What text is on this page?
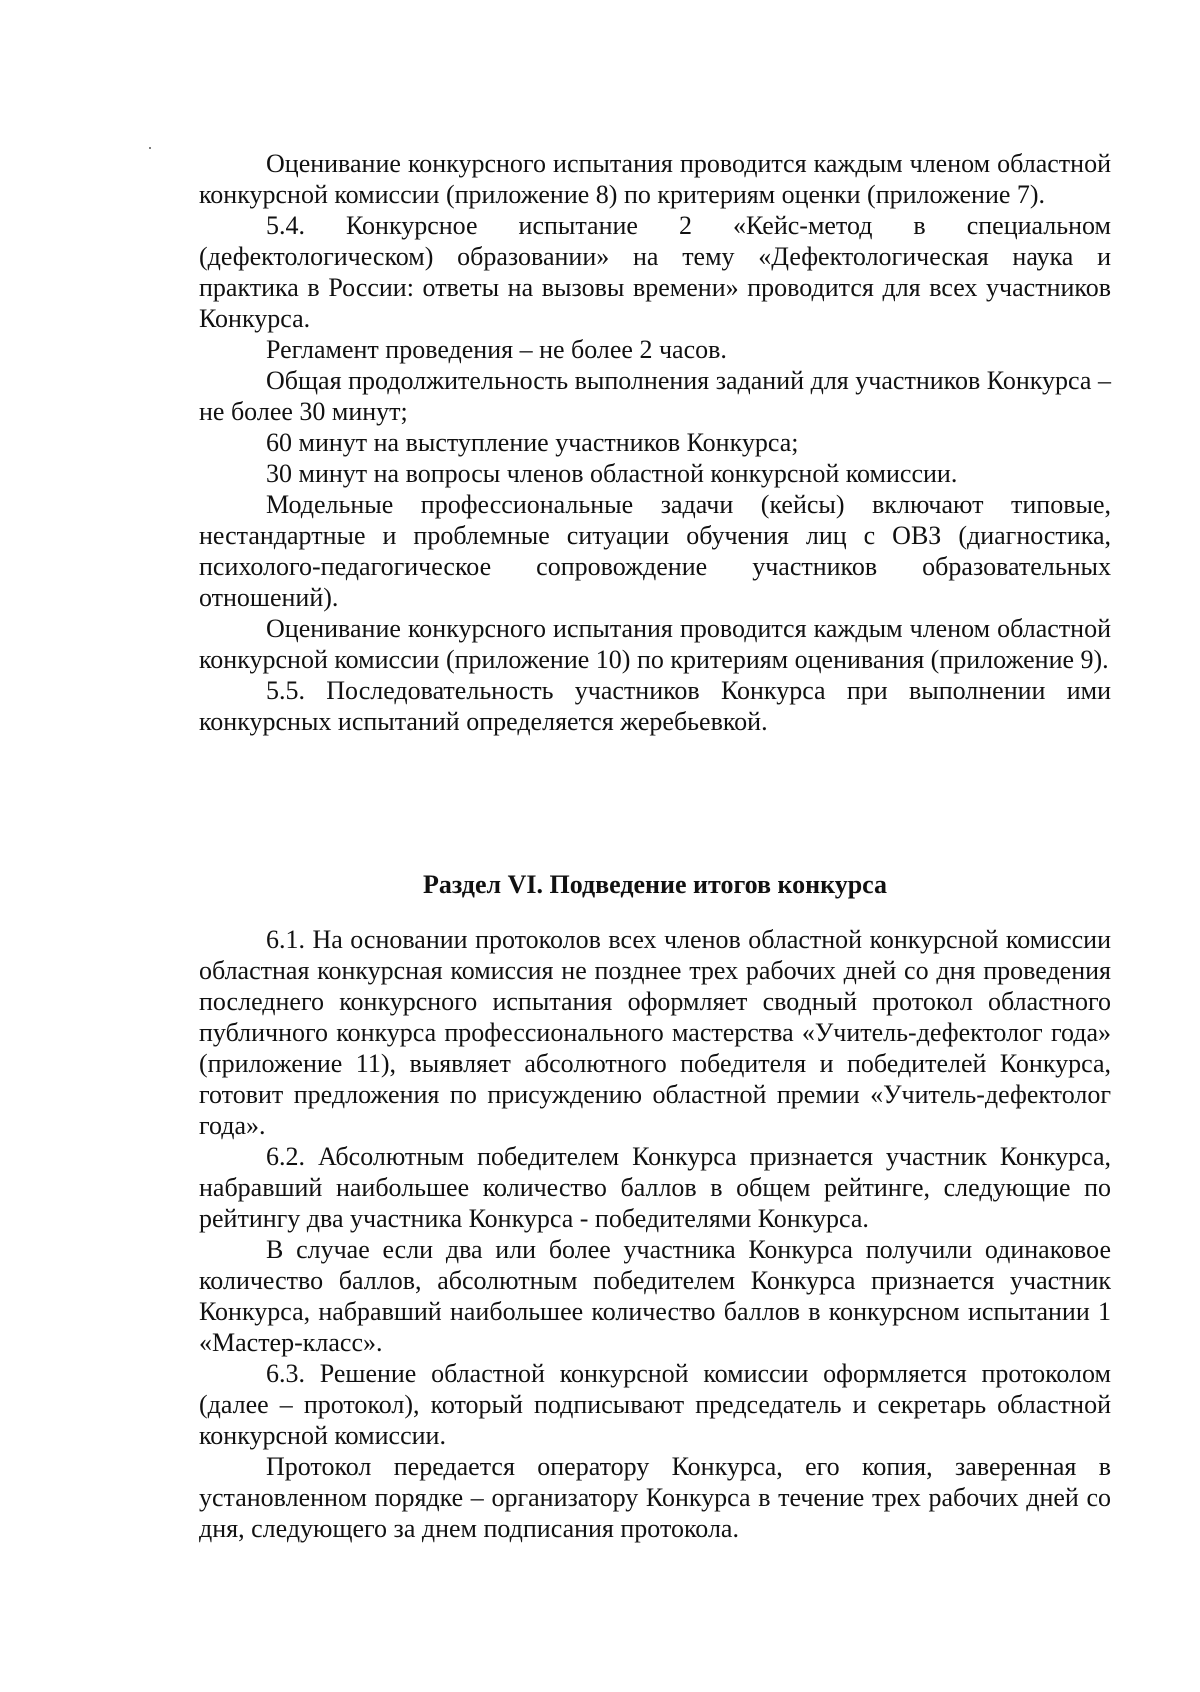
Оценивание конкурсного испытания проводится каждым членом областной конкурсной комиссии (приложение 8) по критериям оценки (приложение 7).

5.4. Конкурсное испытание 2 «Кейс-метод в специальном (дефектологическом) образовании» на тему «Дефектологическая наука и практика в России: ответы на вызовы времени» проводится для всех участников Конкурса.

Регламент проведения – не более 2 часов.

Общая продолжительность выполнения заданий для участников Конкурса – не более 30 минут;

60 минут на выступление участников Конкурса;

30 минут на вопросы членов областной конкурсной комиссии.

Модельные профессиональные задачи (кейсы) включают типовые, нестандартные и проблемные ситуации обучения лиц с ОВЗ (диагностика, психолого-педагогическое сопровождение участников образовательных отношений).

Оценивание конкурсного испытания проводится каждым членом областной конкурсной комиссии (приложение 10) по критериям оценивания (приложение 9).

5.5. Последовательность участников Конкурса при выполнении ими конкурсных испытаний определяется жеребьевкой.

Раздел VI. Подведение итогов конкурса

6.1. На основании протоколов всех членов областной конкурсной комиссии областная конкурсная комиссия не позднее трех рабочих дней со дня проведения последнего конкурсного испытания оформляет сводный протокол областного публичного конкурса профессионального мастерства «Учитель-дефектолог года» (приложение 11), выявляет абсолютного победителя и победителей Конкурса, готовит предложения по присуждению областной премии «Учитель-дефектолог года».

6.2. Абсолютным победителем Конкурса признается участник Конкурса, набравший наибольшее количество баллов в общем рейтинге, следующие по рейтингу два участника Конкурса - победителями Конкурса.

В случае если два или более участника Конкурса получили одинаковое количество баллов, абсолютным победителем Конкурса признается участник Конкурса, набравший наибольшее количество баллов в конкурсном испытании 1 «Мастер-класс».

6.3. Решение областной конкурсной комиссии оформляется протоколом (далее – протокол), который подписывают председатель и секретарь областной конкурсной комиссии.

Протокол передается оператору Конкурса, его копия, заверенная в установленном порядке – организатору Конкурса в течение трех рабочих дней со дня, следующего за днем подписания протокола.
